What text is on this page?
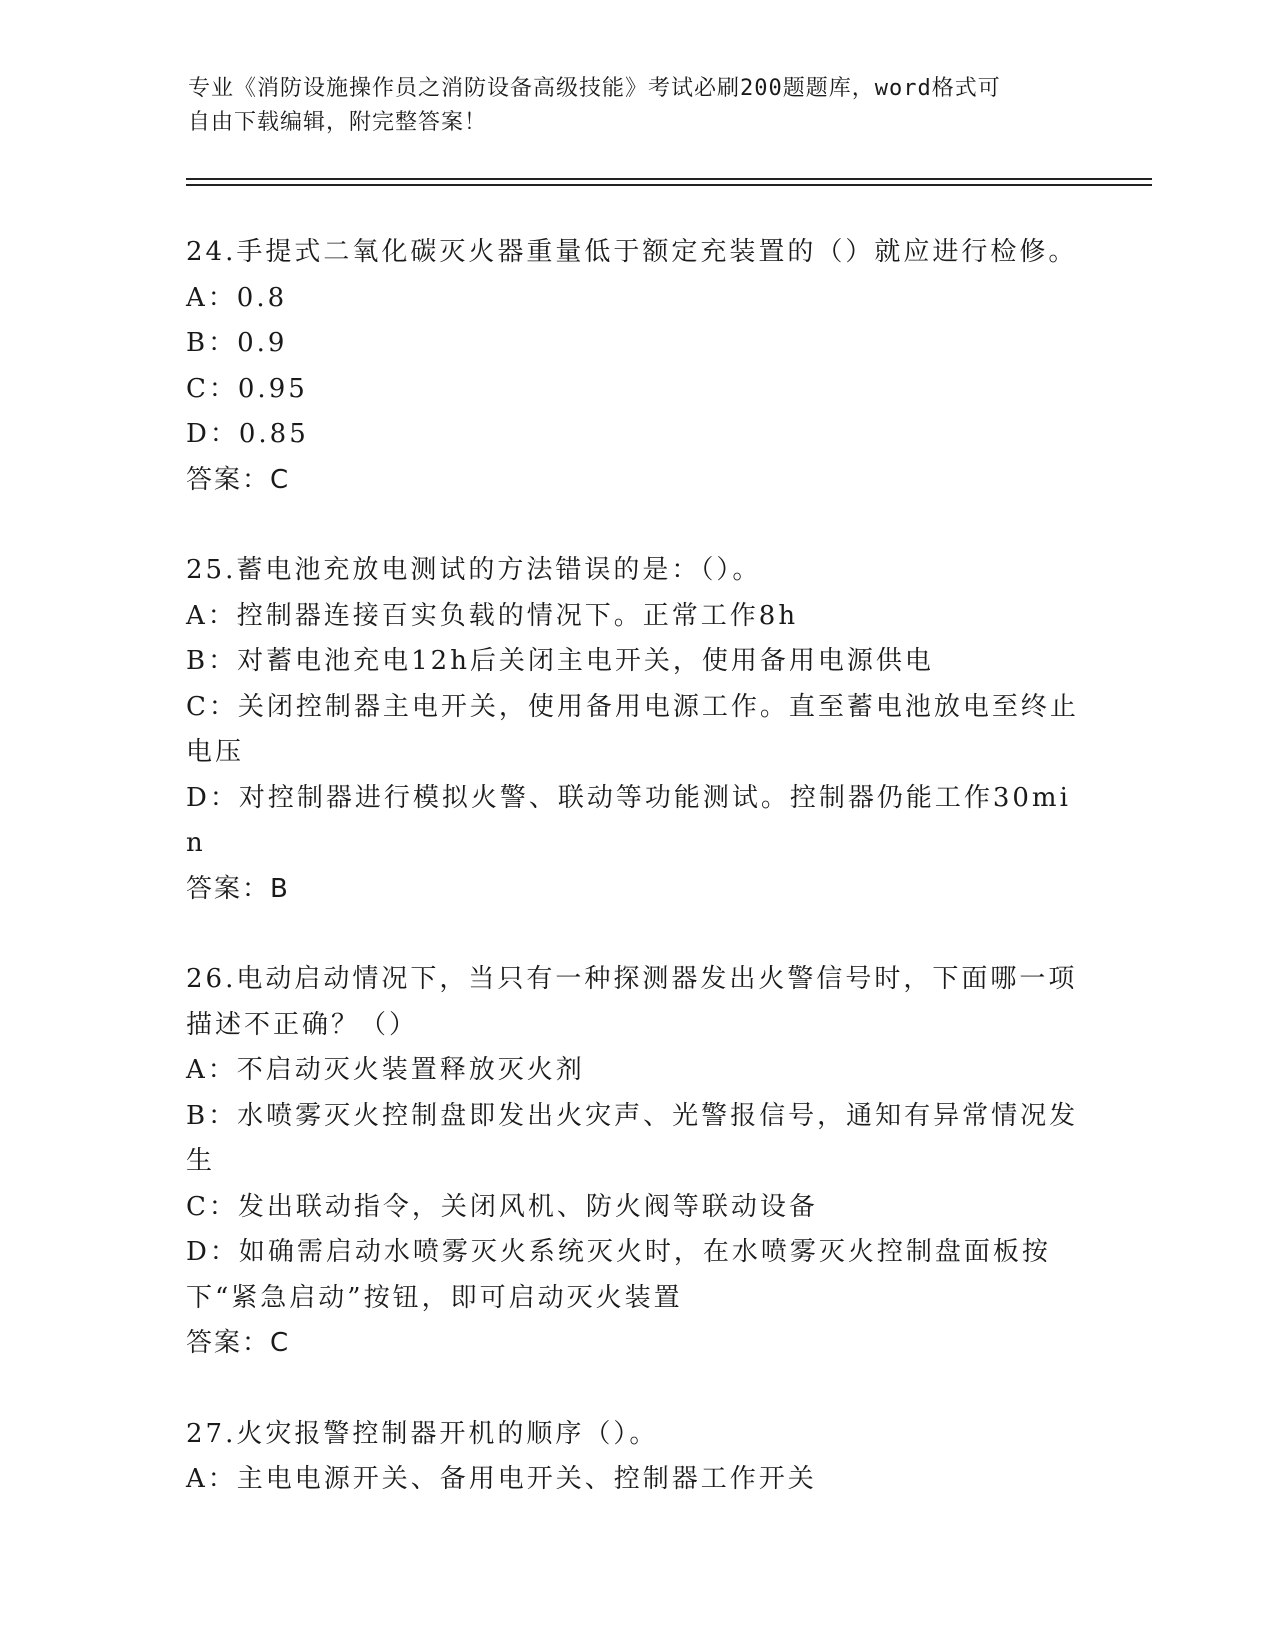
专业《消防设施操作员之消防设备高级技能》考试必刷200题题库，word格式可
自由下载编辑，附完整答案！
24.手提式二氧化碳灭火器重量低于额定充装置的（）就应进行检修。
A：0.8
B：0.9
C：0.95
D：0.85
答案：C
25.蓄电池充放电测试的方法错误的是：（）。
A：控制器连接百实负载的情况下。正常工作8h
B：对蓄电池充电12h后关闭主电开关，使用备用电源供电
C：关闭控制器主电开关，使用备用电源工作。直至蓄电池放电至终止电压
D：对控制器进行模拟火警、联动等功能测试。控制器仍能工作30min
答案：B
26.电动启动情况下，当只有一种探测器发出火警信号时，下面哪一项描述不正确？（）
A：不启动灭火装置释放灭火剂
B：水喷雾灭火控制盘即发出火灾声、光警报信号，通知有异常情况发生
C：发出联动指令，关闭风机、防火阀等联动设备
D：如确需启动水喷雾灭火系统灭火时，在水喷雾灭火控制盘面板按下“紧急启动”按钮，即可启动灭火装置
答案：C
27.火灾报警控制器开机的顺序（）。
A：主电电源开关、备用电开关、控制器工作开关
